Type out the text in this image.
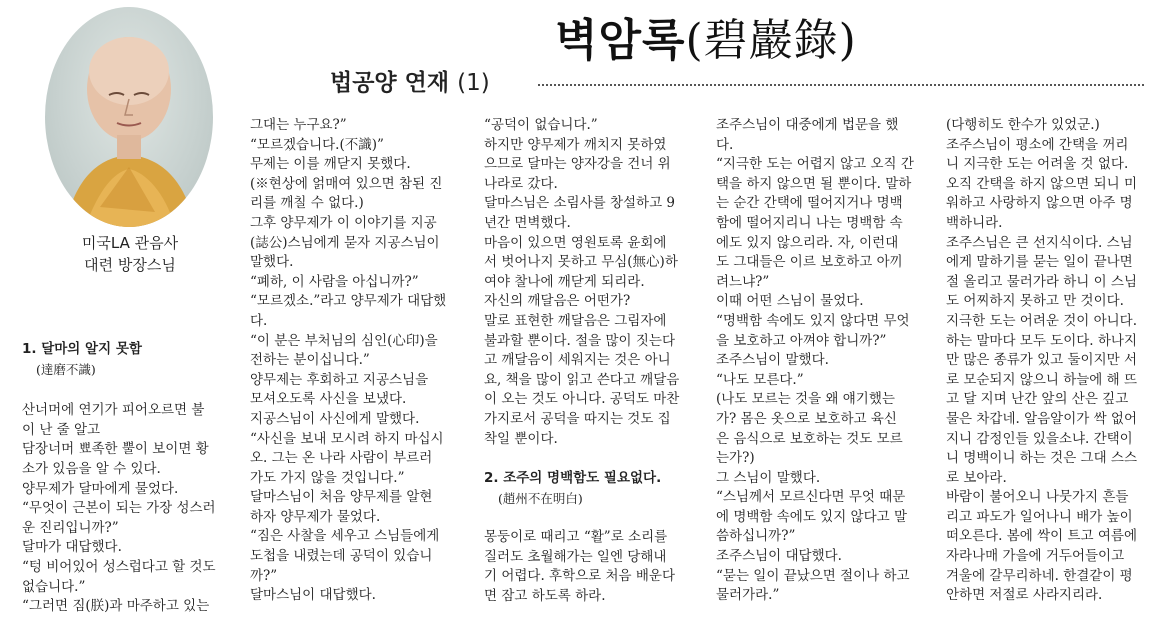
벽암록(碧巖錄)
법공양 연재 (1)
미국LA 관음사
대련 방장스님

1. 달마의 알지 못함

(達磨不識)

산너머에 연기가 피어오르면 불

이 난 줄 알고

담장너머 뾰족한 뿔이 보이면 황

소가 있음을 알 수 있다.

양무제가 달마에게 물었다.

“무엇이 근본이 되는 가장 성스러

운 진리입니까?”

달마가 대답했다.

“텅 비어있어 성스럽다고 할 것도

없습니다.”

“그러면 짐(朕)과 마주하고 있는

그대는 누구요?”

“모르겠습니다.(不識)”

무제는 이를 깨닫지 못했다.

(※현상에 얽매여 있으면 참된 진

리를 깨칠 수 없다.)

그후 양무제가 이 이야기를 지공

(誌公)스님에게 묻자 지공스님이

말했다.

“폐하, 이 사람을 아십니까?”

“모르겠소.”라고 양무제가 대답했

다.

“이 분은 부처님의 심인(心印)을

전하는 분이십니다.”

양무제는 후회하고 지공스님을

모셔오도록 사신을 보냈다.

지공스님이 사신에게 말했다.

“사신을 보내 모시려 하지 마십시

오. 그는 온 나라 사람이 부르러

가도 가지 않을 것입니다.”

달마스님이 처음 양무제를 알현

하자 양무제가 물었다.

“짐은 사찰을 세우고 스님들에게

도첩을 내렸는데 공덕이 있습니

까?”

달마스님이 대답했다.

“공덕이 없습니다.”

하지만 양무제가 깨치지 못하였

으므로 달마는 양자강을 건너 위

나라로 갔다.

달마스님은 소림사를 창설하고 9

년간 면벽했다.

마음이 있으면 영원토록 윤회에

서 벗어나지 못하고 무심(無心)하

여야 찰나에 깨닫게 되리라.

자신의 깨달음은 어떤가?

말로 표현한 깨달음은 그림자에

불과할 뿐이다. 절을 많이 짓는다

고 깨달음이 세워지는 것은 아니

요, 책을 많이 읽고 쓴다고 깨달음

이 오는 것도 아니다. 공덕도 마찬

가지로서 공덕을 따지는 것도 집

착일 뿐이다.

2. 조주의 명백함도 필요없다.

(趙州不在明白)

몽둥이로 때리고 “활”로 소리를

질러도 초월해가는 일엔 당해내

기 어렵다. 후학으로 처음 배운다

면 잠고 하도록 하라.

조주스님이 대중에게 법문을 했

다.

“지극한 도는 어렵지 않고 오직 간

택을 하지 않으면 될 뿐이다. 말하

는 순간 간택에 떨어지거나 명백

함에 떨어지리니 나는 명백함 속

에도 있지 않으리라. 자, 이런대

도 그대들은 이르 보호하고 아끼

려느냐?”

이때 어떤 스님이 물었다.

“명백함 속에도 있지 않다면 무엇

을 보호하고 아껴야 합니까?”

조주스님이 말했다.

“나도 모른다.”

(나도 모르는 것을 왜 얘기했는

가? 몸은 옷으로 보호하고 육신

은 음식으로 보호하는 것도 모르

는가?)

그 스님이 말했다.

“스님께서 모르신다면 무엇 때문

에 명백함 속에도 있지 않다고 말

씀하십니까?”

조주스님이 대답했다.

“묻는 일이 끝났으면 절이나 하고

물러가라.”

(다행히도 한수가 있었군.)

조주스님이 평소에 간택을 꺼리

니 지극한 도는 어려울 것 없다.

오직 간택을 하지 않으면 되니 미

워하고 사랑하지 않으면 아주 명

백하니라.

조주스님은 큰 선지식이다. 스님

에게 말하기를 묻는 일이 끝나면

절 올리고 물러가라 하니 이 스님

도 어찌하지 못하고 만 것이다.

지극한 도는 어려운 것이 아니다.

하는 말마다 모두 도이다. 하나지

만 많은 종류가 있고 둘이지만 서

로 모순되지 않으니 하늘에 해 뜨

고 달 지며 난간 앞의 산은 깊고

물은 차갑네. 알음알이가 싹 없어

지니 감정인들 있을소냐. 간택이

니 명백이니 하는 것은 그대 스스

로 보아라.

바람이 불어오니 나뭇가지 흔들

리고 파도가 일어나니 배가 높이

떠오른다. 봄에 싹이 트고 여름에

자라나매 가을에 거두어들이고

겨울에 갈무리하네. 한결같이 평

안하면 저절로 사라지리라.
